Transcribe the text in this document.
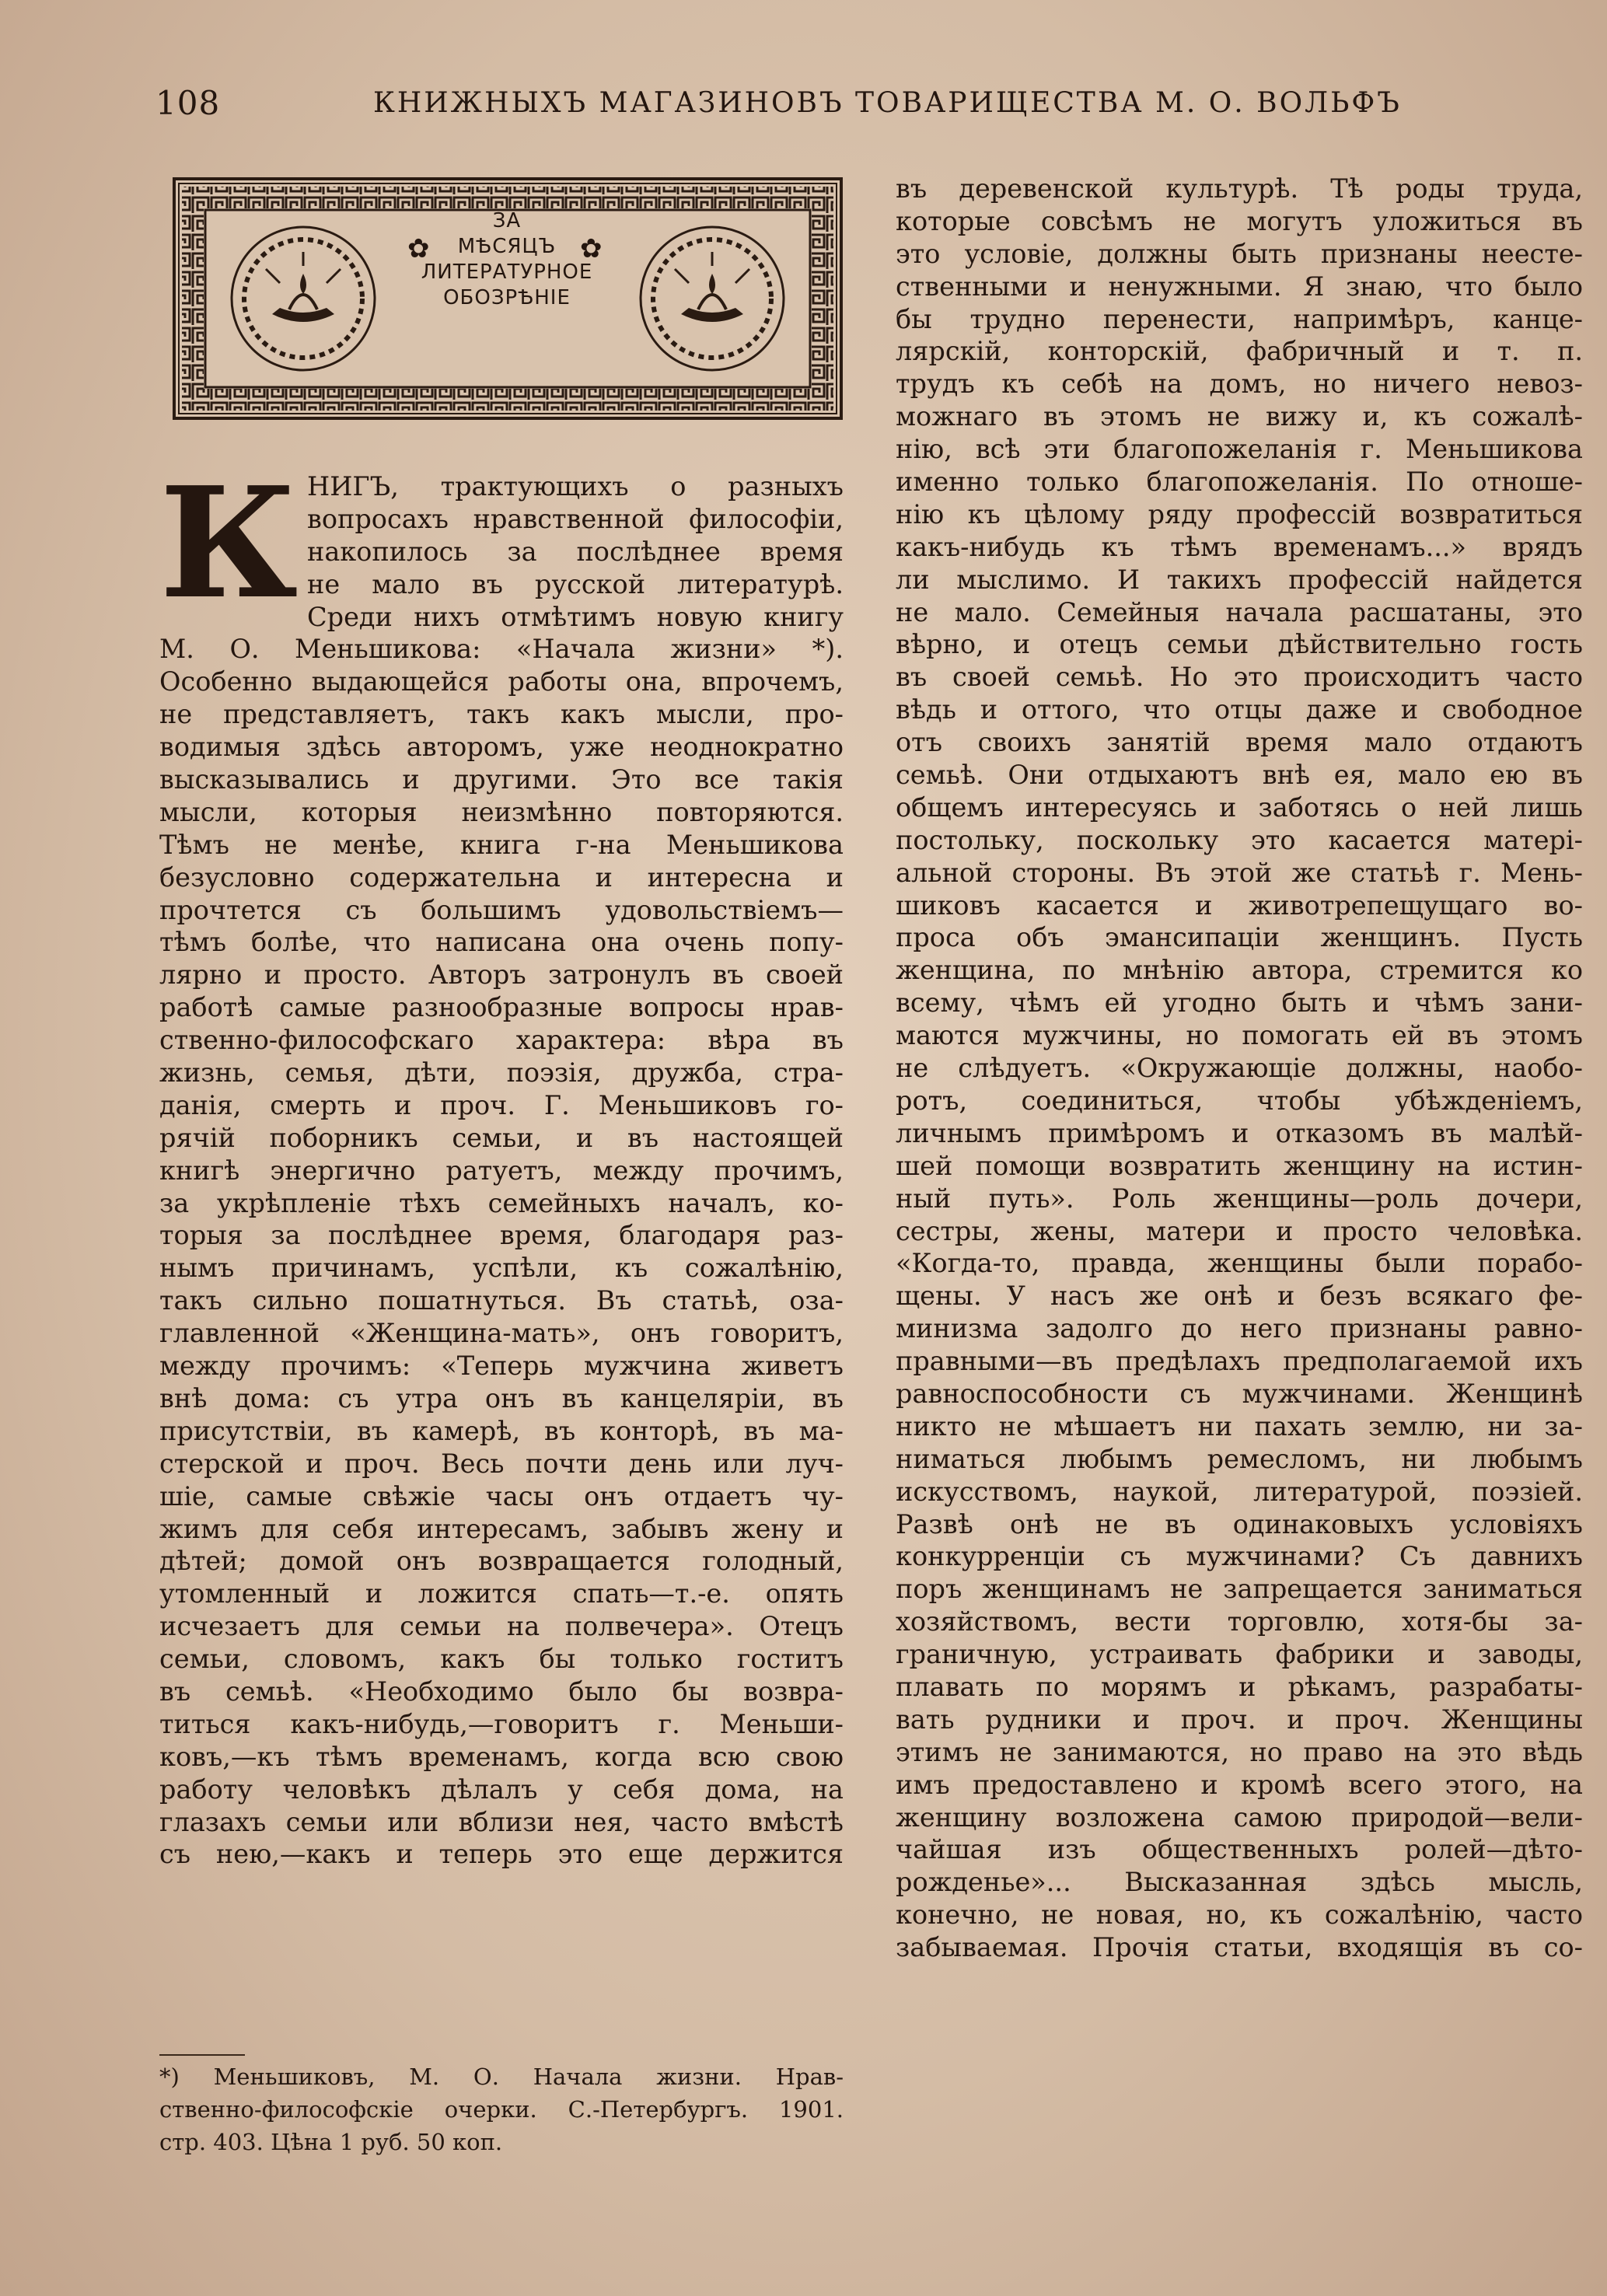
108	КНИЖНЫХЪ МАГАЗИНОВЪ ТОВАРИЩЕСТВА М. О. ВОЛЬФЪ
✿	✿
ЗА
МѢСЯЦЪ
ЛИТЕРАТУРНОЕ
ОБОЗРѢНIЕ
К НИГЪ, трактующихъ о разныхъ
вопросахъ нравственной философіи,
накопилось за послѣднее время
не мало въ русской литературѣ.
Среди нихъ отмѣтимъ новую книгу
М. О. Меньшикова: «Начала жизни» *).
Особенно выдающейся работы она, впрочемъ,
не представляетъ, такъ какъ мысли, про-
водимыя здѣсь авторомъ, уже неоднократно
высказывались и другими. Это все такія
мысли, которыя неизмѣнно повторяются.
Тѣмъ не менѣе, книга г-на Меньшикова
безусловно содержательна и интересна и
прочтется съ большимъ удовольствіемъ—
тѣмъ болѣе, что написана она очень попу-
лярно и просто. Авторъ затронулъ въ своей
работѣ самые разнообразные вопросы нрав-
ственно-философскаго характера: вѣра въ
жизнь, семья, дѣти, поэзія, дружба, стра-
данія, смерть и проч. Г. Меньшиковъ го-
рячій поборникъ семьи, и въ настоящей
книгѣ энергично ратуетъ, между прочимъ,
за укрѣпленіе тѣхъ семейныхъ началъ, ко-
торыя за послѣднее время, благодаря раз-
нымъ причинамъ, успѣли, къ сожалѣнію,
такъ сильно пошатнуться. Въ статьѣ, оза-
главленной «Женщина-мать», онъ говоритъ,
между прочимъ: «Теперь мужчина живетъ
внѣ дома: съ утра онъ въ канцеляріи, въ
присутствіи, въ камерѣ, въ конторѣ, въ ма-
стерской и проч. Весь почти день или луч-
шіе, самые свѣжіе часы онъ отдаетъ чу-
жимъ для себя интересамъ, забывъ жену и
дѣтей; домой онъ возвращается голодный,
утомленный и ложится спать—т.-е. опять
исчезаетъ для семьи на полвечера». Отецъ
семьи, словомъ, какъ бы только гоститъ
въ семьѣ. «Необходимо было бы возвра-
титься какъ-нибудь,—говоритъ г. Меньши-
ковъ,—къ тѣмъ временамъ, когда всю свою
работу человѣкъ дѣлалъ у себя дома, на
глазахъ семьи или вблизи нея, часто вмѣстѣ
съ нею,—какъ и теперь это еще держится
*) Меньшиковъ, М. О. Начала жизни. Нрав-
ственно-философскіе очерки. С.-Петербургъ. 1901.
стр. 403. Цѣна 1 руб. 50 коп.
въ деревенской культурѣ. Тѣ роды труда,
которые совсѣмъ не могутъ уложиться въ
это условіе, должны быть признаны неесте-
ственными и ненужными. Я знаю, что было
бы трудно перенести, напримѣръ, канце-
лярскій, конторскій, фабричный и т. п.
трудъ къ себѣ на домъ, но ничего невоз-
можнаго въ этомъ не вижу и, къ сожалѣ-
нію, всѣ эти благопожеланія г. Меньшикова
именно только благопожеланія. По отноше-
нію къ цѣлому ряду профессій возвратиться
какъ-нибудь къ тѣмъ временамъ...» врядъ
ли мыслимо. И такихъ профессій найдется
не мало. Семейныя начала расшатаны, это
вѣрно, и отецъ семьи дѣйствительно гость
въ своей семьѣ. Но это происходитъ часто
вѣдь и оттого, что отцы даже и свободное
отъ своихъ занятій время мало отдаютъ
семьѣ. Они отдыхаютъ внѣ ея, мало ею въ
общемъ интересуясь и заботясь о ней лишь
постольку, поскольку это касается матері-
альной стороны. Въ этой же статьѣ г. Мень-
шиковъ касается и животрепещущаго во-
проса объ эмансипаціи женщинъ. Пусть
женщина, по мнѣнію автора, стремится ко
всему, чѣмъ ей угодно быть и чѣмъ зани-
маются мужчины, но помогать ей въ этомъ
не слѣдуетъ. «Окружающіе должны, наобо-
ротъ, соединиться, чтобы убѣжденіемъ,
личнымъ примѣромъ и отказомъ въ малѣй-
шей помощи возвратить женщину на истин-
ный путь». Роль женщины—роль дочери,
сестры, жены, матери и просто человѣка.
«Когда-то, правда, женщины были порабо-
щены. У насъ же онѣ и безъ всякаго фе-
минизма задолго до него признаны равно-
правными—въ предѣлахъ предполагаемой ихъ
равноспособности съ мужчинами. Женщинѣ
никто не мѣшаетъ ни пахать землю, ни за-
ниматься любымъ ремесломъ, ни любымъ
искусствомъ, наукой, литературой, поэзіей.
Развѣ онѣ не въ одинаковыхъ условіяхъ
конкурренціи съ мужчинами? Съ давнихъ
поръ женщинамъ не запрещается заниматься
хозяйствомъ, вести торговлю, хотя-бы за-
граничную, устраивать фабрики и заводы,
плавать по морямъ и рѣкамъ, разрабаты-
вать рудники и проч. и проч. Женщины
этимъ не занимаются, но право на это вѣдь
имъ предоставлено и кромѣ всего этого, на
женщину возложена самою природой—вели-
чайшая изъ общественныхъ ролей—дѣто-
рожденье»... Высказанная здѣсь мысль,
конечно, не новая, но, къ сожалѣнію, часто
забываемая. Прочія статьи, входящія въ со-
